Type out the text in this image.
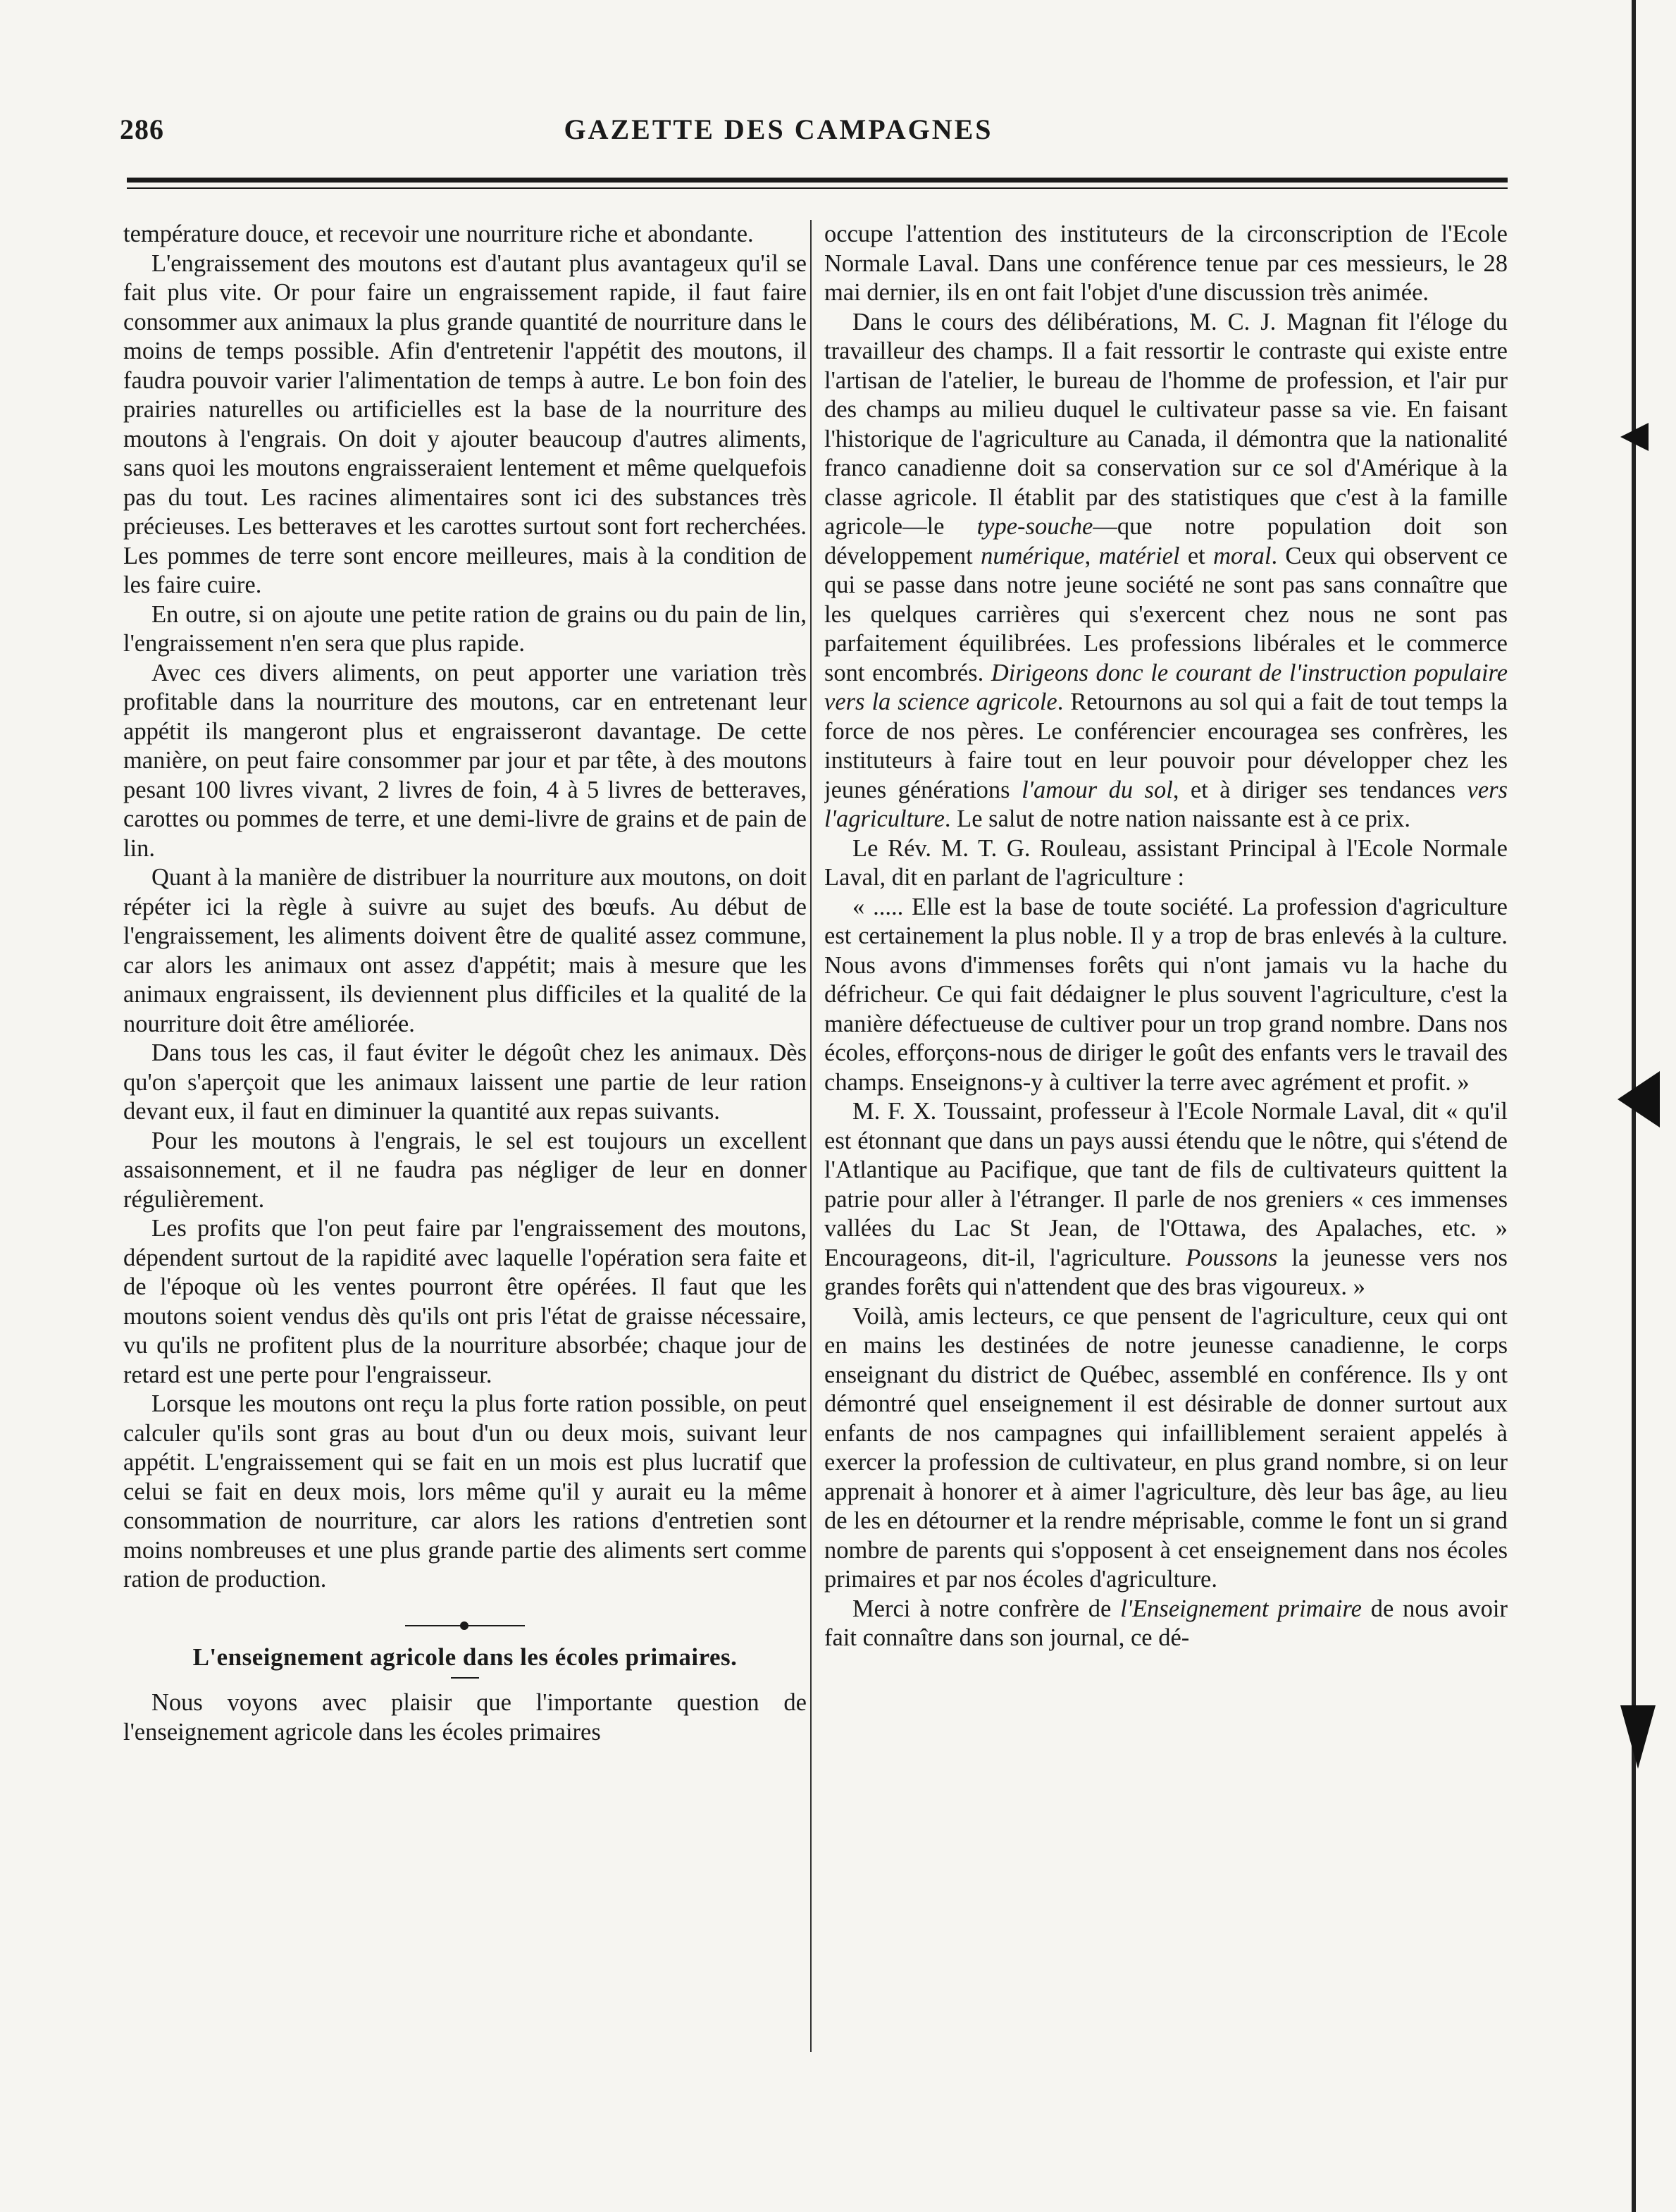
286	GAZETTE DES CAMPAGNES

température douce, et recevoir une nourriture riche et abondante.

L'engraissement des moutons est d'autant plus avantageux qu'il se fait plus vite. Or pour faire un engraissement rapide, il faut faire consommer aux animaux la plus grande quantité de nourriture dans le moins de temps possible. Afin d'entretenir l'appétit des moutons, il faudra pouvoir varier l'alimentation de temps à autre. Le bon foin des prairies naturelles ou artificielles est la base de la nourriture des moutons à l'engrais. On doit y ajouter beaucoup d'autres aliments, sans quoi les moutons engraisseraient lentement et même quelquefois pas du tout. Les racines alimentaires sont ici des substances très précieuses. Les betteraves et les carottes surtout sont fort recherchées. Les pommes de terre sont encore meilleures, mais à la condition de les faire cuire.

En outre, si on ajoute une petite ration de grains ou du pain de lin, l'engraissement n'en sera que plus rapide.

Avec ces divers aliments, on peut apporter une variation très profitable dans la nourriture des moutons, car en entretenant leur appétit ils mangeront plus et engraisseront davantage. De cette manière, on peut faire consommer par jour et par tête, à des moutons pesant 100 livres vivant, 2 livres de foin, 4 à 5 livres de betteraves, carottes ou pommes de terre, et une demi-livre de grains et de pain de lin.

Quant à la manière de distribuer la nourriture aux moutons, on doit répéter ici la règle à suivre au sujet des bœufs. Au début de l'engraissement, les aliments doivent être de qualité assez commune, car alors les animaux ont assez d'appétit; mais à mesure que les animaux engraissent, ils deviennent plus difficiles et la qualité de la nourriture doit être améliorée.

Dans tous les cas, il faut éviter le dégoût chez les animaux. Dès qu'on s'aperçoit que les animaux laissent une partie de leur ration devant eux, il faut en diminuer la quantité aux repas suivants.

Pour les moutons à l'engrais, le sel est toujours un excellent assaisonnement, et il ne faudra pas négliger de leur en donner régulièrement.

Les profits que l'on peut faire par l'engraissement des moutons, dépendent surtout de la rapidité avec laquelle l'opération sera faite et de l'époque où les ventes pourront être opérées. Il faut que les moutons soient vendus dès qu'ils ont pris l'état de graisse nécessaire, vu qu'ils ne profitent plus de la nourriture absorbée; chaque jour de retard est une perte pour l'engraisseur.

Lorsque les moutons ont reçu la plus forte ration possible, on peut calculer qu'ils sont gras au bout d'un ou deux mois, suivant leur appétit. L'engraissement qui se fait en un mois est plus lucratif que celui se fait en deux mois, lors même qu'il y aurait eu la même consommation de nourriture, car alors les rations d'entretien sont moins nombreuses et une plus grande partie des aliments sert comme ration de production.

L'enseignement agricole dans les écoles primaires.

Nous voyons avec plaisir que l'importante question de l'enseignement agricole dans les écoles primaires

occupe l'attention des instituteurs de la circonscription de l'Ecole Normale Laval. Dans une conférence tenue par ces messieurs, le 28 mai dernier, ils en ont fait l'objet d'une discussion très animée.

Dans le cours des délibérations, M. C. J. Magnan fit l'éloge du travailleur des champs. Il a fait ressortir le contraste qui existe entre l'artisan de l'atelier, le bureau de l'homme de profession, et l'air pur des champs au milieu duquel le cultivateur passe sa vie. En faisant l'historique de l'agriculture au Canada, il démontra que la nationalité franco canadienne doit sa conservation sur ce sol d'Amérique à la classe agricole. Il établit par des statistiques que c'est à la famille agricole—le type-souche—que notre population doit son développement numérique, matériel et moral. Ceux qui observent ce qui se passe dans notre jeune société ne sont pas sans connaître que les quelques carrières qui s'exercent chez nous ne sont pas parfaitement équilibrées. Les professions libérales et le commerce sont encombrés. Dirigeons donc le courant de l'instruction populaire vers la science agricole. Retournons au sol qui a fait de tout temps la force de nos pères. Le conférencier encouragea ses confrères, les instituteurs à faire tout en leur pouvoir pour développer chez les jeunes générations l'amour du sol, et à diriger ses tendances vers l'agriculture. Le salut de notre nation naissante est à ce prix.

Le Rév. M. T. G. Rouleau, assistant Principal à l'Ecole Normale Laval, dit en parlant de l'agriculture :

« ..... Elle est la base de toute société. La profession d'agriculture est certainement la plus noble. Il y a trop de bras enlevés à la culture. Nous avons d'immenses forêts qui n'ont jamais vu la hache du défricheur. Ce qui fait dédaigner le plus souvent l'agriculture, c'est la manière défectueuse de cultiver pour un trop grand nombre. Dans nos écoles, efforçons-nous de diriger le goût des enfants vers le travail des champs. Enseignons-y à cultiver la terre avec agrément et profit. »

M. F. X. Toussaint, professeur à l'Ecole Normale Laval, dit « qu'il est étonnant que dans un pays aussi étendu que le nôtre, qui s'étend de l'Atlantique au Pacifique, que tant de fils de cultivateurs quittent la patrie pour aller à l'étranger. Il parle de nos greniers « ces immenses vallées du Lac St Jean, de l'Ottawa, des Apalaches, etc. » Encourageons, dit-il, l'agriculture. Poussons la jeunesse vers nos grandes forêts qui n'attendent que des bras vigoureux. »

Voilà, amis lecteurs, ce que pensent de l'agriculture, ceux qui ont en mains les destinées de notre jeunesse canadienne, le corps enseignant du district de Québec, assemblé en conférence. Ils y ont démontré quel enseignement il est désirable de donner surtout aux enfants de nos campagnes qui infailliblement seraient appelés à exercer la profession de cultivateur, en plus grand nombre, si on leur apprenait à honorer et à aimer l'agriculture, dès leur bas âge, au lieu de les en détourner et la rendre méprisable, comme le font un si grand nombre de parents qui s'opposent à cet enseignement dans nos écoles primaires et par nos écoles d'agriculture.

Merci à notre confrère de l'Enseignement primaire de nous avoir fait connaître dans son journal, ce dé-
